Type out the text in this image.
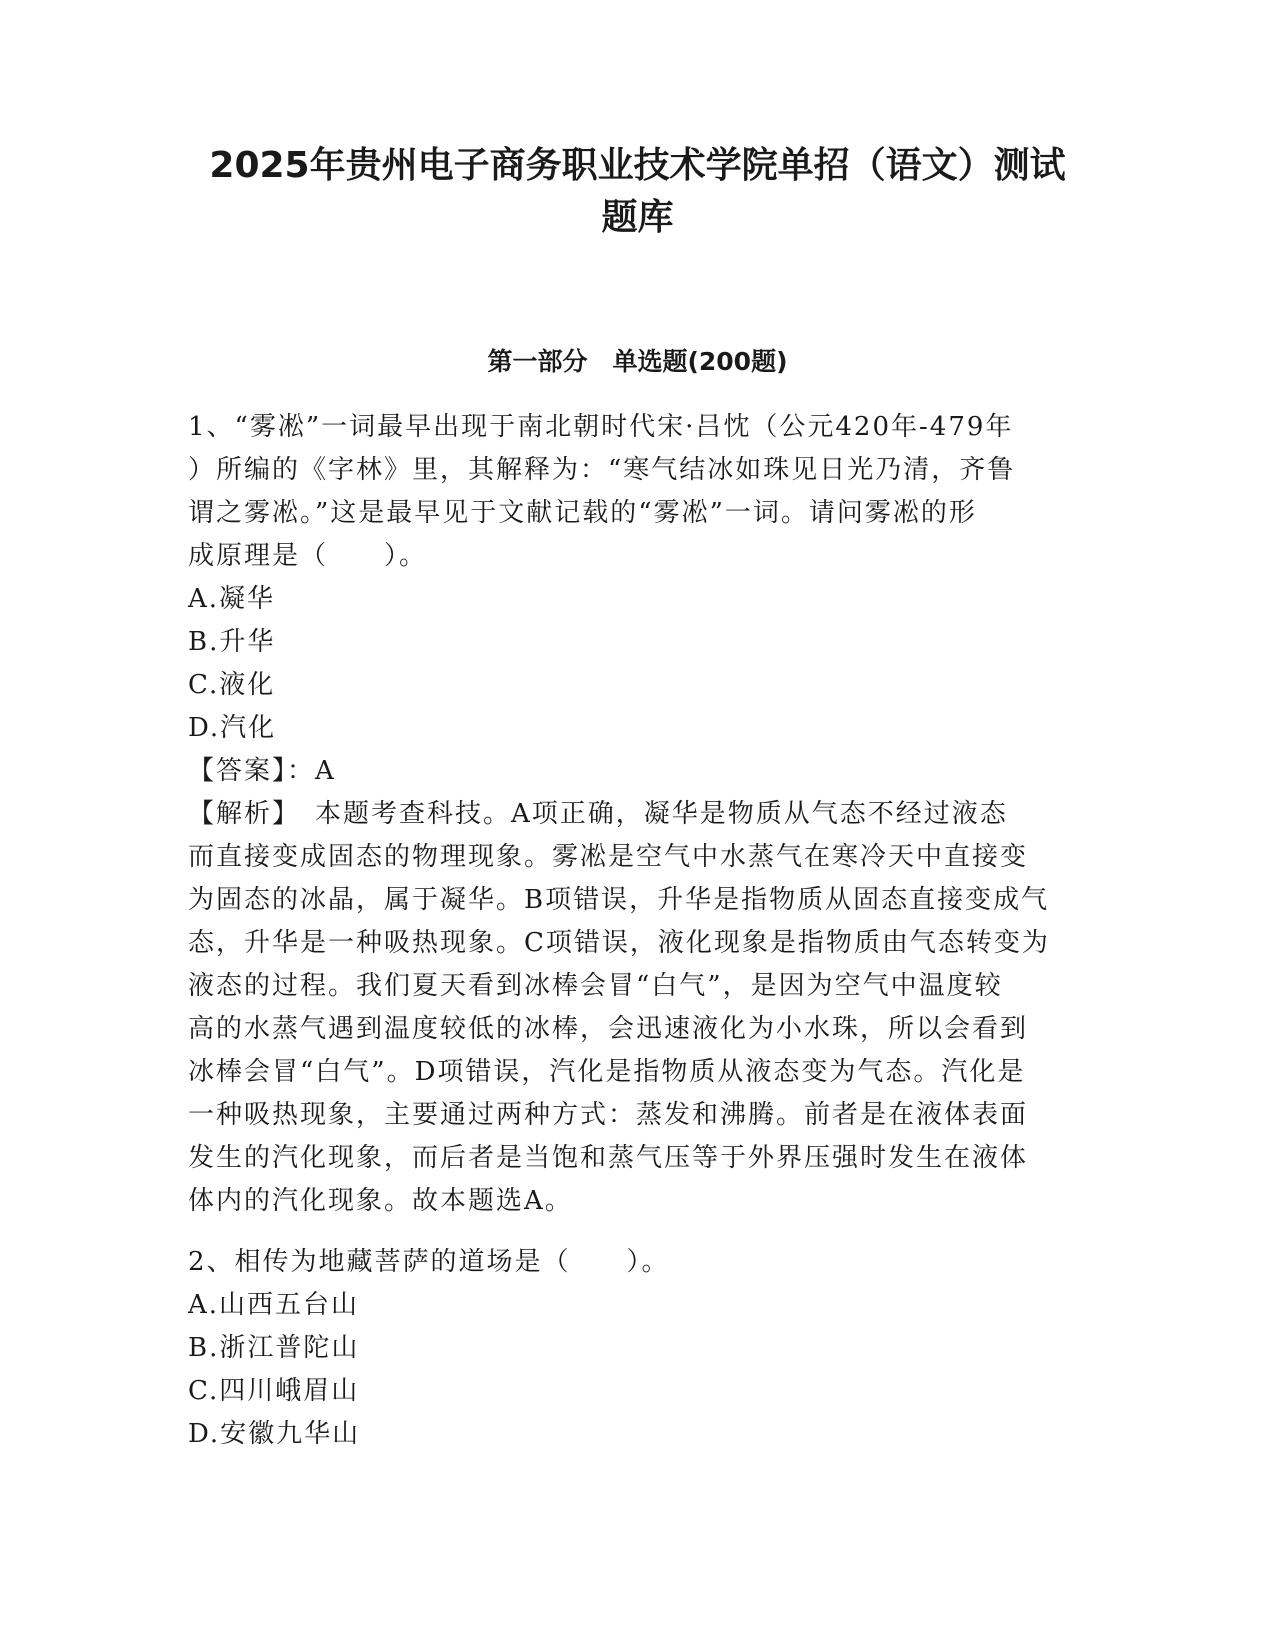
2025年贵州电子商务职业技术学院单招（语文）测试
题库
第一部分　单选题(200题)
1、“雾凇”一词最早出现于南北朝时代宋·吕忱（公元420年-479年
）所编的《字林》里，其解释为：“寒气结冰如珠见日光乃清，齐鲁
谓之雾凇。”这是最早见于文献记载的“雾凇”一词。请问雾凇的形
成原理是（　　）。
A.凝华
B.升华
C.液化
D.汽化
【答案】：A
【解析】　本题考查科技。A项正确，凝华是物质从气态不经过液态
而直接变成固态的物理现象。雾凇是空气中水蒸气在寒冷天中直接变
为固态的冰晶，属于凝华。B项错误，升华是指物质从固态直接变成气
态，升华是一种吸热现象。C项错误，液化现象是指物质由气态转变为
液态的过程。我们夏天看到冰棒会冒“白气”，是因为空气中温度较
高的水蒸气遇到温度较低的冰棒，会迅速液化为小水珠，所以会看到
冰棒会冒“白气”。D项错误，汽化是指物质从液态变为气态。汽化是
一种吸热现象，主要通过两种方式：蒸发和沸腾。前者是在液体表面
发生的汽化现象，而后者是当饱和蒸气压等于外界压强时发生在液体
体内的汽化现象。故本题选A。
2、相传为地藏菩萨的道场是（　　）。
A.山西五台山
B.浙江普陀山
C.四川峨眉山
D.安徽九华山
